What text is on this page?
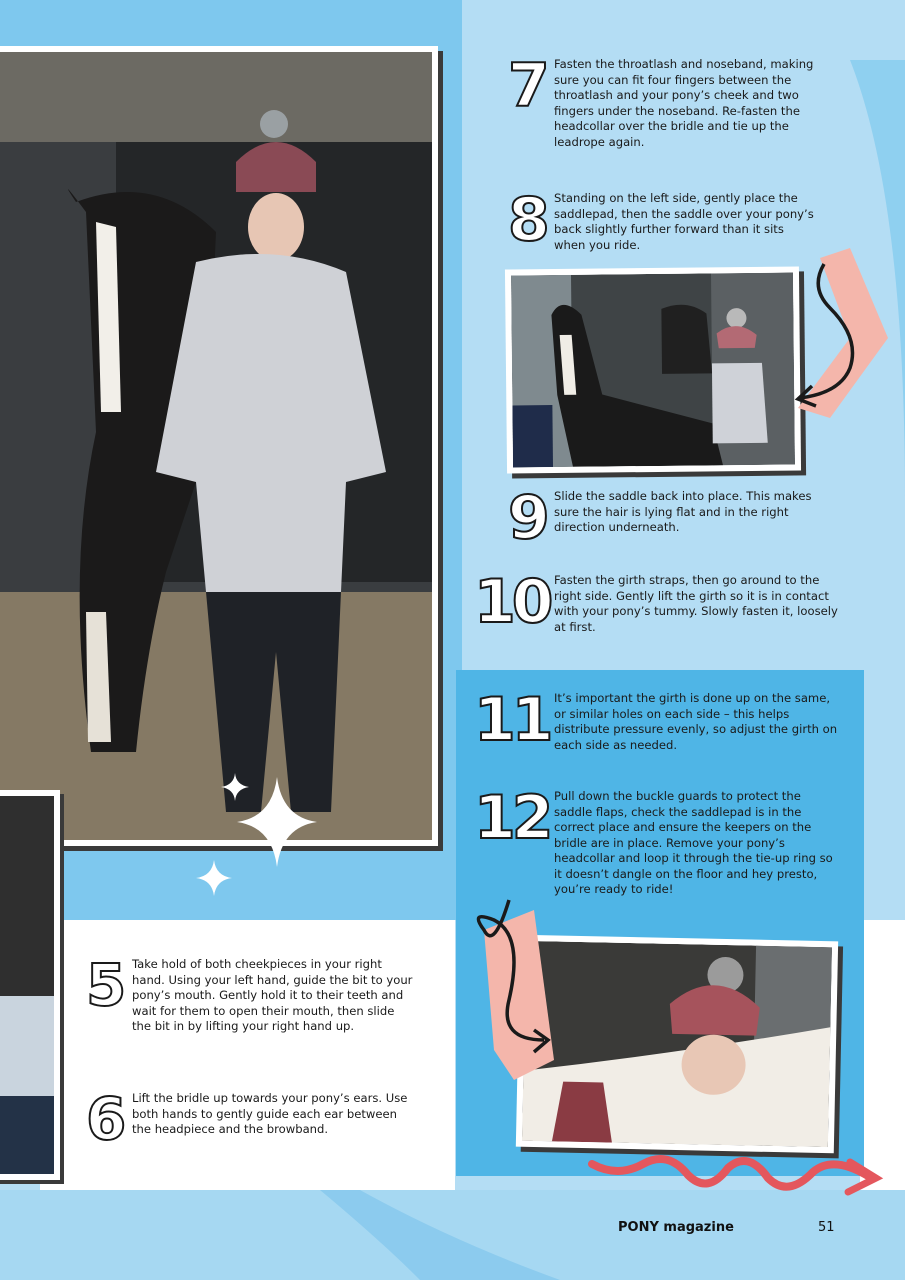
7 Fasten the throatlash and noseband, making sure you can fit four fingers between the throatlash and your pony’s cheek and two fingers under the noseband. Re-fasten the headcollar over the bridle and tie up the leadrope again.
8 Standing on the left side, gently place the saddlepad, then the saddle over your pony’s back slightly further forward than it sits when you ride.
9 Slide the saddle back into place. This makes sure the hair is lying flat and in the right direction underneath.
10 Fasten the girth straps, then go around to the right side. Gently lift the girth so it is in contact with your pony’s tummy. Slowly fasten it, loosely at first.
11 It’s important the girth is done up on the same, or similar holes on each side – this helps distribute pressure evenly, so adjust the girth on each side as needed.
12 Pull down the buckle guards to protect the saddle flaps, check the saddlepad is in the correct place and ensure the keepers on the bridle are in place. Remove your pony’s headcollar and loop it through the tie-up ring so it doesn’t dangle on the floor and hey presto, you’re ready to ride!
5 Take hold of both cheekpieces in your right hand. Using your left hand, guide the bit to your pony’s mouth. Gently hold it to their teeth and wait for them to open their mouth, then slide the bit in by lifting your right hand up.
6 Lift the bridle up towards your pony’s ears. Use both hands to gently guide each ear between the headpiece and the browband.
PONY magazine	51
